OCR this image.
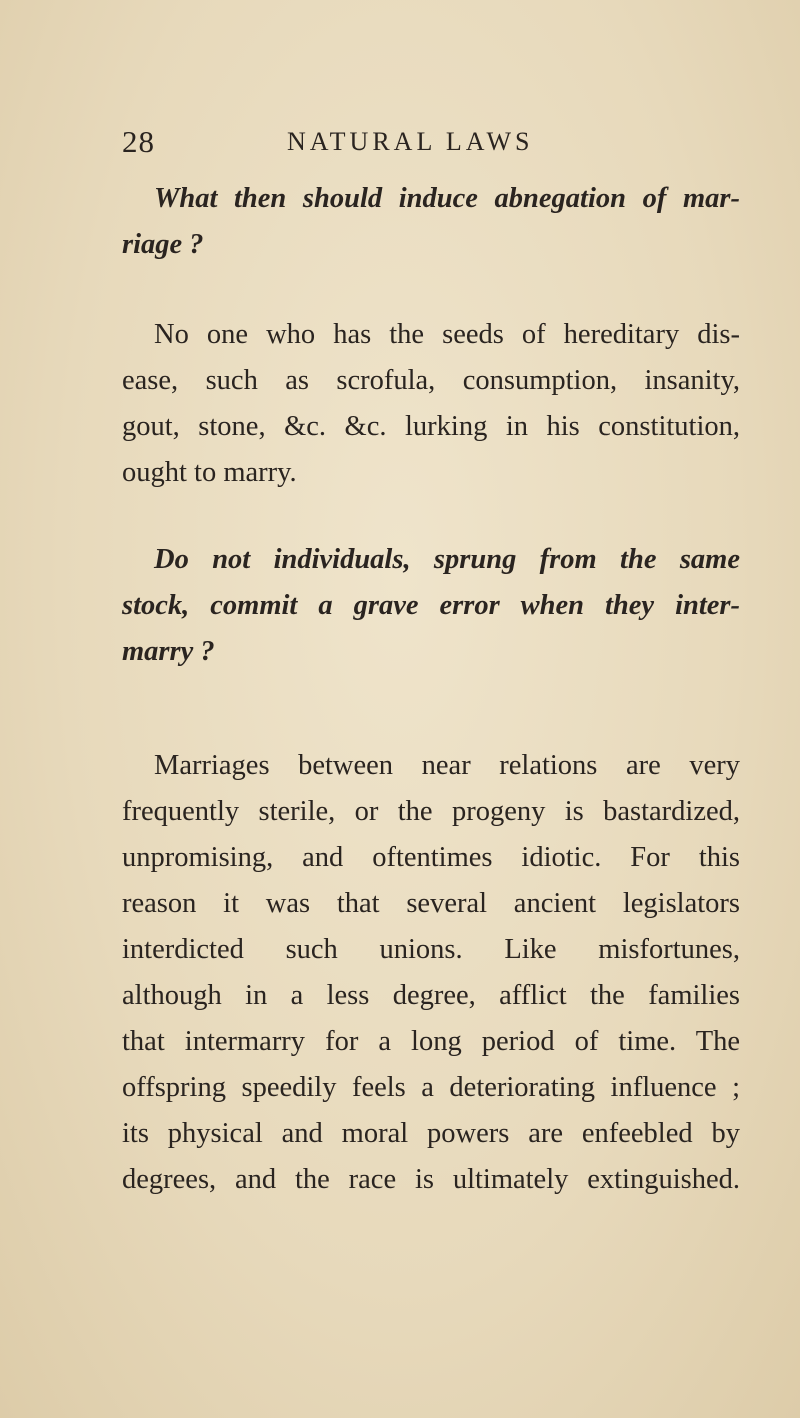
28	NATURAL LAWS
What then should induce abnegation of mar-
riage ?
No one who has the seeds of hereditary dis-
ease, such as scrofula, consumption, insanity,
gout, stone, &c. &c. lurking in his constitution,
ought to marry.
Do not individuals, sprung from the same
stock, commit a grave error when they inter-
marry ?
Marriages between near relations are very
frequently sterile, or the progeny is bastardized,
unpromising, and oftentimes idiotic. For this
reason it was that several ancient legislators
interdicted such unions. Like misfortunes,
although in a less degree, afflict the families
that intermarry for a long period of time. The
offspring speedily feels a deteriorating influence ;
its physical and moral powers are enfeebled by
degrees, and the race is ultimately extinguished.
